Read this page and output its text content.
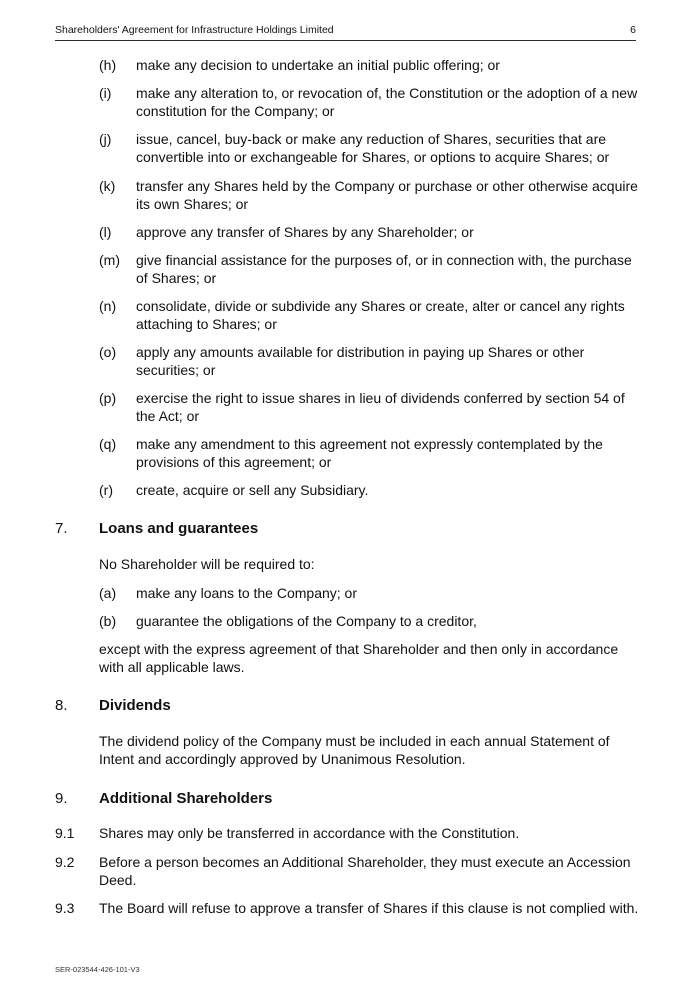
Shareholders' Agreement for Infrastructure Holdings Limited	6
(h) make any decision to undertake an initial public offering; or
(i) make any alteration to, or revocation of, the Constitution or the adoption of a new constitution for the Company; or
(j) issue, cancel, buy-back or make any reduction of Shares, securities that are convertible into or exchangeable for Shares, or options to acquire Shares; or
(k) transfer any Shares held by the Company or purchase or other otherwise acquire its own Shares; or
(l) approve any transfer of Shares by any Shareholder; or
(m) give financial assistance for the purposes of, or in connection with, the purchase of Shares; or
(n) consolidate, divide or subdivide any Shares or create, alter or cancel any rights attaching to Shares; or
(o) apply any amounts available for distribution in paying up Shares or other securities; or
(p) exercise the right to issue shares in lieu of dividends conferred by section 54 of the Act; or
(q) make any amendment to this agreement not expressly contemplated by the provisions of this agreement; or
(r) create, acquire or sell any Subsidiary.
7. Loans and guarantees
No Shareholder will be required to:
(a) make any loans to the Company; or
(b) guarantee the obligations of the Company to a creditor,
except with the express agreement of that Shareholder and then only in accordance with all applicable laws.
8. Dividends
The dividend policy of the Company must be included in each annual Statement of Intent and accordingly approved by Unanimous Resolution.
9. Additional Shareholders
9.1 Shares may only be transferred in accordance with the Constitution.
9.2 Before a person becomes an Additional Shareholder, they must execute an Accession Deed.
9.3 The Board will refuse to approve a transfer of Shares if this clause is not complied with.
SER-023544-426-101-V3
